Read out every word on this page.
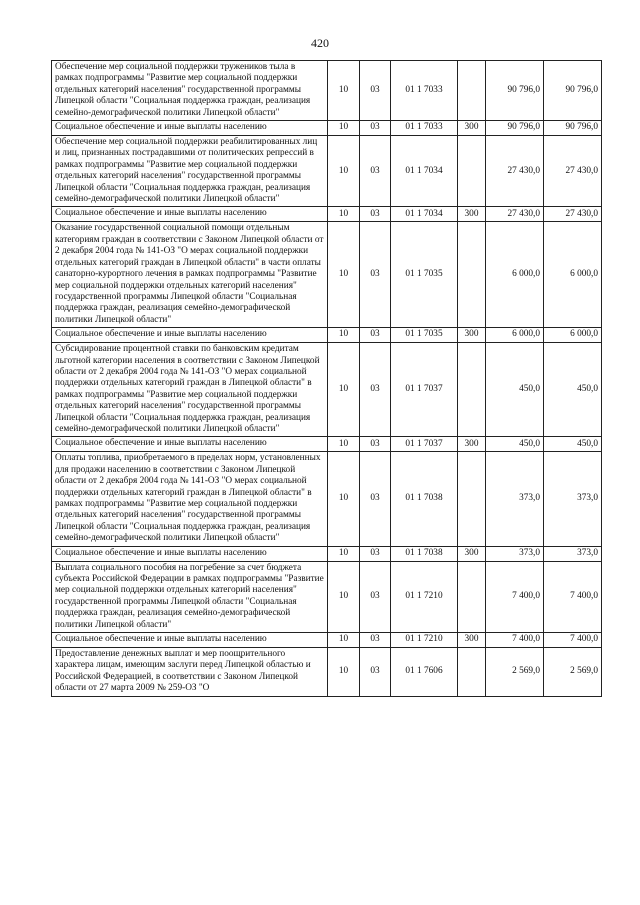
420
Обеспечение мер социальной поддержки тружеников тыла в рамках подпрограммы "Развитие мер социальной поддержки отдельных категорий населения" государственной программы Липецкой области "Социальная поддержка граждан, реализация семейно-демографической политики Липецкой области"	10	03	01 1 7033		90 796,0	90 796,0
Социальное обеспечение и иные выплаты населению	10	03	01 1 7033	300	90 796,0	90 796,0
Обеспечение мер социальной поддержки реабилитированных лиц и лиц, признанных пострадавшими от политических репрессий в рамках подпрограммы "Развитие мер социальной поддержки отдельных категорий населения" государственной программы Липецкой области "Социальная поддержка граждан, реализация семейно-демографической политики Липецкой области"	10	03	01 1 7034		27 430,0	27 430,0
Социальное обеспечение и иные выплаты населению	10	03	01 1 7034	300	27 430,0	27 430,0
Оказание государственной социальной помощи отдельным категориям граждан в соответствии с Законом Липецкой области от 2 декабря 2004 года № 141-ОЗ "О мерах социальной поддержки отдельных категорий граждан в Липецкой области" в части оплаты санаторно-курортного лечения в рамках подпрограммы "Развитие мер социальной поддержки отдельных категорий населения" государственной программы Липецкой области "Социальная поддержка граждан, реализация семейно-демографической политики Липецкой области"	10	03	01 1 7035		6 000,0	6 000,0
Социальное обеспечение и иные выплаты населению	10	03	01 1 7035	300	6 000,0	6 000,0
Субсидирование процентной ставки по банковским кредитам льготной категории населения в соответствии с Законом Липецкой области от 2 декабря 2004 года № 141-ОЗ "О мерах социальной поддержки отдельных категорий граждан в Липецкой области" в рамках подпрограммы "Развитие мер социальной поддержки отдельных категорий населения" государственной программы Липецкой области "Социальная поддержка граждан, реализация семейно-демографической политики Липецкой области"	10	03	01 1 7037		450,0	450,0
Социальное обеспечение и иные выплаты населению	10	03	01 1 7037	300	450,0	450,0
Оплаты топлива, приобретаемого в пределах норм, установленных для продажи населению в соответствии с Законом Липецкой области от 2 декабря 2004 года № 141-ОЗ "О мерах социальной поддержки отдельных категорий граждан в Липецкой области" в рамках подпрограммы "Развитие мер социальной поддержки отдельных категорий населения" государственной программы Липецкой области "Социальная поддержка граждан, реализация семейно-демографической политики Липецкой области"	10	03	01 1 7038		373,0	373,0
Социальное обеспечение и иные выплаты населению	10	03	01 1 7038	300	373,0	373,0
Выплата социального пособия на погребение за счет бюджета субъекта Российской Федерации в рамках подпрограммы "Развитие мер социальной поддержки отдельных категорий населения" государственной программы Липецкой области "Социальная поддержка граждан, реализация семейно-демографической политики Липецкой области"	10	03	01 1 7210		7 400,0	7 400,0
Социальное обеспечение и иные выплаты населению	10	03	01 1 7210	300	7 400,0	7 400,0
Предоставление денежных выплат и мер поощрительного характера лицам, имеющим заслуги перед Липецкой областью и Российской Федерацией, в соответствии с Законом Липецкой области от 27 марта 2009 № 259-ОЗ "О	10	03	01 1 7606		2 569,0	2 569,0
